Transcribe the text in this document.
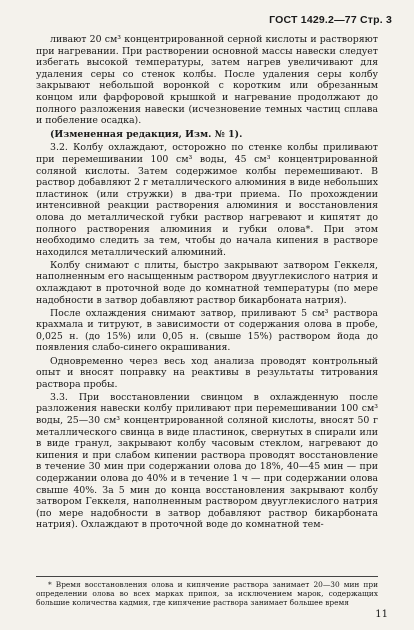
ГОСТ 1429.2—77 Стр. 3

ливают 20 см³ концентрированной серной кислоты и растворяют при нагревании. При растворении основной массы навески следует избегать высокой температуры, затем нагрев увеличивают для удаления серы со стенок колбы. После удаления серы колбу закрывают небольшой воронкой с коротким или обрезанным концом или фарфоровой крышкой и нагревание продолжают до полного разложения навески (исчезновение темных частиц сплава и побеление осадка).

(Измененная редакция, Изм. № 1).

3.2. Колбу охлаждают, осторожно по стенке колбы приливают при перемешивании 100 см³ воды, 45 см³ концентрированной соляной кислоты. Затем содержимое колбы перемешивают. В раствор добавляют 2 г металлического алюминия в виде небольших пластинок (или стружки) в два-три приема. По прохождении интенсивной реакции растворения алюминия и восстановления олова до металлической губки раствор нагревают и кипятят до полного растворения алюминия и губки олова*. При этом необходимо следить за тем, чтобы до начала кипения в растворе находился металлический алюминий.

Колбу снимают с плиты, быстро закрывают затвором Геккеля, наполненным его насыщенным раствором двууглекислого натрия и охлаждают в проточной воде до комнатной температуры (по мере надобности в затвор добавляют раствор бикарбоната натрия).

После охлаждения снимают затвор, приливают 5 см³ раствора крахмала и титруют, в зависимости от содержания олова в пробе, 0,025 н. (до 15%) или 0,05 н. (свыше 15%) раствором йода до появления слабо-синего окрашивания.

Одновременно через весь ход анализа проводят контрольный опыт и вносят поправку на реактивы в результаты титрования раствора пробы.

3.3. При восстановлении свинцом в охлажденную после разложения навески колбу приливают при перемешивании 100 см³ воды, 25—30 см³ концентрированной соляной кислоты, вносят 50 г металлического свинца в виде пластинок, свернутых в спирали или в виде гранул, закрывают колбу часовым стеклом, нагревают до кипения и при слабом кипении раствора проводят восстановление в течение 30 мин при содержании олова до 18%, 40—45 мин — при содержании олова до 40% и в течение 1 ч — при содержании олова свыше 40%. За 5 мин до конца восстановления закрывают колбу затвором Геккеля, наполненным раствором двууглекислого натрия (по мере надобности в затвор добавляют раствор бикарбоната натрия). Охлаждают в проточной воде до комнатной тем-

* Время восстановления олова и кипячение раствора занимает 20—30 мин при определении олова во всех марках припоя, за исключением марок, содержащих большие количества кадмия, где кипячение раствора занимает большее время

11
